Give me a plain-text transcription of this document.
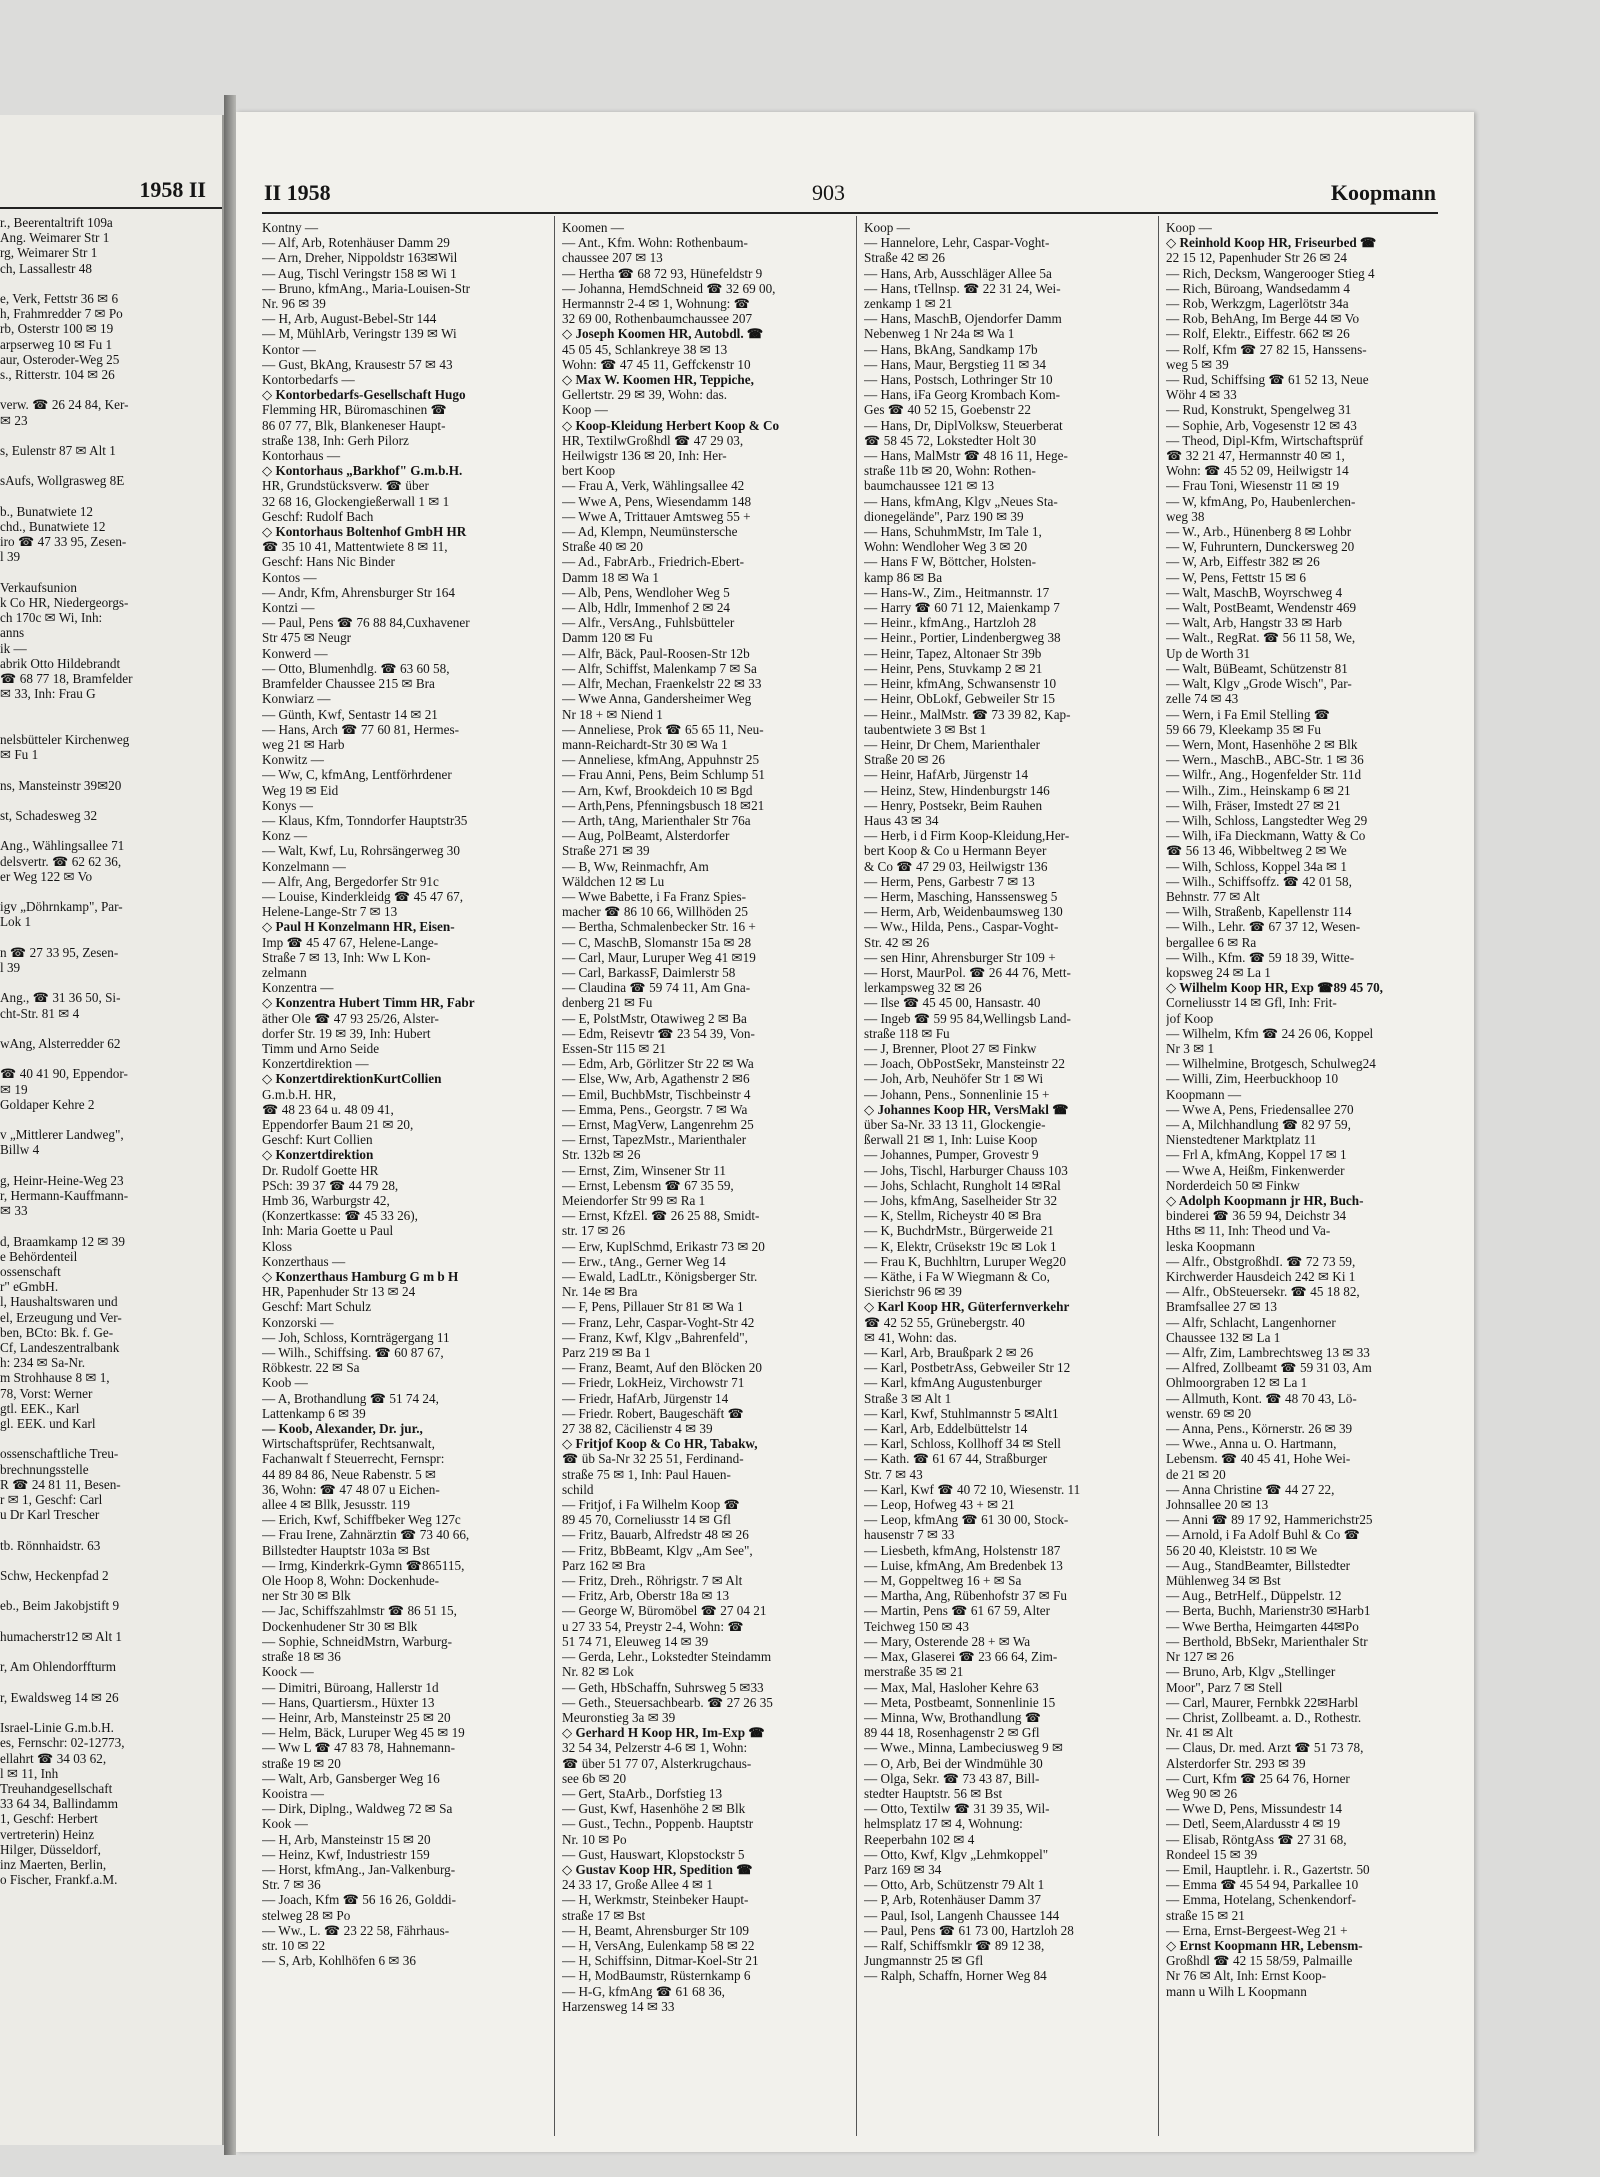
1958 II
r., Beerentaltrift 109a
Ang. Weimarer Str 1
rg, Weimarer Str 1
ch, Lassallestr 48

e, Verk, Fettstr 36 ✉ 6
h, Frahmredder 7 ✉ Po
rb, Osterstr 100 ✉ 19
arpserweg 10 ✉ Fu 1
aur, Osteroder-Weg 25
s., Ritterstr. 104 ✉ 26

verw. ☎ 26 24 84, Ker-
✉ 23

s, Eulenstr 87 ✉ Alt 1

sAufs, Wollgrasweg 8E

b., Bunatwiete 12
chd., Bunatwiete 12
iro ☎ 47 33 95, Zesen-
l 39

Verkaufsunion
k Co HR, Niedergeorgs-
ch 170c ✉ Wi, Inh:
anns
ik —
abrik Otto Hildebrandt
☎ 68 77 18, Bramfelder
✉ 33, Inh: Frau G

nelsbütteler Kirchenweg
✉ Fu 1

ns, Mansteinstr 39✉20

st, Schadesweg 32

Ang., Wählingsallee 71
delsvertr. ☎ 62 62 36,
er Weg 122 ✉ Vo

igv „Döhrnkamp", Par-
Lok 1

n ☎ 27 33 95, Zesen-
l 39

Ang., ☎ 31 36 50, Si-
cht-Str. 81 ✉ 4

wAng, Alsterredder 62

☎ 40 41 90, Eppendor-
✉ 19
Goldaper Kehre 2

v „Mittlerer Landweg",
Billw 4

g, Heinr-Heine-Weg 23
r, Hermann-Kauffmann-
✉ 33

d, Braamkamp 12 ✉ 39
e Behördenteil
ossenschaft
r" eGmbH.
l, Haushaltswaren und
el, Erzeugung und Ver-
ben, BCto: Bk. f. Ge-
Cf, Landeszentralbank
h: 234 ✉ Sa-Nr.
m Strohhause 8 ✉ 1,
78, Vorst: Werner
gtl. EEK., Karl
gl. EEK. und Karl

ossenschaftliche Treu-
brechnungsstelle
R ☎ 24 81 11, Besen-
r ✉ 1, Geschf: Carl
u Dr Karl Trescher

tb. Rönnhaidstr. 63

Schw, Heckenpfad 2

eb., Beim Jakobjstift 9

humacherstr12 ✉ Alt 1

r, Am Ohlendorffturm

r, Ewaldsweg 14 ✉ 26

Israel-Linie G.m.b.H.
es, Fernschr: 02-12773,
ellahrt ☎ 34 03 62,
l ✉ 11, Inh
Treuhandgesellschaft
33 64 34, Ballindamm
1, Geschf: Herbert
vertreterin) Heinz
Hilger, Düsseldorf,
inz Maerten, Berlin,
o Fischer, Frankf.a.M.
II 1958	903	Koopmann
Kontny —
— Alf, Arb, Rotenhäuser Damm 29
— Arn, Dreher, Nippoldstr 163✉Wil
— Aug, Tischl Veringstr 158 ✉ Wi 1
— Bruno, kfmAng., Maria-Louisen-Str
Nr. 96 ✉ 39
— H, Arb, August-Bebel-Str 144
— M, MühlArb, Veringstr 139 ✉ Wi
Kontor —
— Gust, BkAng, Krausestr 57 ✉ 43
Kontorbedarfs —
◇ Kontorbedarfs-Gesellschaft Hugo
Flemming HR, Büromaschinen ☎
86 07 77, Blk, Blankeneser Haupt-
straße 138, Inh: Gerh Pilorz
Kontorhaus —
◇ Kontorhaus „Barkhof" G.m.b.H.
HR, Grundstücksverw. ☎ über
32 68 16, Glockengießerwall 1 ✉ 1
Geschf: Rudolf Bach
◇ Kontorhaus Boltenhof GmbH HR
☎ 35 10 41, Mattentwiete 8 ✉ 11,
Geschf: Hans Nic Binder
Kontos —
— Andr, Kfm, Ahrensburger Str 164
Kontzi —
— Paul, Pens ☎ 76 88 84,Cuxhavener
Str 475 ✉ Neugr
Konwerd —
— Otto, Blumenhdlg. ☎ 63 60 58,
Bramfelder Chaussee 215 ✉ Bra
Konwiarz —
— Günth, Kwf, Sentastr 14 ✉ 21
— Hans, Arch ☎ 77 60 81, Hermes-
weg 21 ✉ Harb
Konwitz —
— Ww, C, kfmAng, Lentförhrdener
Weg 19 ✉ Eid
Konys —
— Klaus, Kfm, Tonndorfer Hauptstr35
Konz —
— Walt, Kwf, Lu, Rohrsängerweg 30
Konzelmann —
— Alfr, Ang, Bergedorfer Str 91c
— Louise, Kinderkleidg ☎ 45 47 67,
Helene-Lange-Str 7 ✉ 13
◇ Paul H Konzelmann HR, Eisen-
Imp ☎ 45 47 67, Helene-Lange-
Straße 7 ✉ 13, Inh: Ww L Kon-
zelmann
Konzentra —
◇ Konzentra Hubert Timm HR, Fabr
äther Ole ☎ 47 93 25/26, Alster-
dorfer Str. 19 ✉ 39, Inh: Hubert
Timm und Arno Seide
Konzertdirektion —
◇ KonzertdirektionKurtCollien
G.m.b.H. HR,
☎ 48 23 64 u. 48 09 41,
Eppendorfer Baum 21 ✉ 20,
Geschf: Kurt Collien
◇ Konzertdirektion
Dr. Rudolf Goette HR
PSch: 39 37 ☎ 44 79 28,
Hmb 36, Warburgstr 42,
(Konzertkasse: ☎ 45 33 26),
Inh: Maria Goette u Paul
Kloss
Konzerthaus —
◇ Konzerthaus Hamburg G m b H
HR, Papenhuder Str 13 ✉ 24
Geschf: Mart Schulz
Konzorski —
— Joh, Schloss, Kornträgergang 11
— Wilh., Schiffsing. ☎ 60 87 67,
Röbkestr. 22 ✉ Sa
Koob —
— A, Brothandlung ☎ 51 74 24,
Lattenkamp 6 ✉ 39
— Koob, Alexander, Dr. jur.,
Wirtschaftsprüfer, Rechtsanwalt,
Fachanwalt f Steuerrecht, Fernspr:
44 89 84 86, Neue Rabenstr. 5 ✉
36, Wohn: ☎ 47 48 07 u Eichen-
allee 4 ✉ Bllk, Jesusstr. 119
— Erich, Kwf, Schiffbeker Weg 127c
— Frau Irene, Zahnärztin ☎ 73 40 66,
Billstedter Hauptstr 103a ✉ Bst
— Irmg, Kinderkrk-Gymn ☎865115,
Ole Hoop 8, Wohn: Dockenhude-
ner Str 30 ✉ Blk
— Jac, Schiffszahlmstr ☎ 86 51 15,
Dockenhudener Str 30 ✉ Blk
— Sophie, SchneidMstrn, Warburg-
straße 18 ✉ 36
Koock —
— Dimitri, Büroang, Hallerstr 1d
— Hans, Quartiersm., Hüxter 13
— Heinr, Arb, Mansteinstr 25 ✉ 20
— Helm, Bäck, Luruper Weg 45 ✉ 19
— Ww L ☎ 47 83 78, Hahnemann-
straße 19 ✉ 20
— Walt, Arb, Gansberger Weg 16
Kooistra —
— Dirk, Diplng., Waldweg 72 ✉ Sa
Kook —
— H, Arb, Mansteinstr 15 ✉ 20
— Heinz, Kwf, Industriestr 159
— Horst, kfmAng., Jan-Valkenburg-
Str. 7 ✉ 36
— Joach, Kfm ☎ 56 16 26, Golddi-
stelweg 28 ✉ Po
— Ww., L. ☎ 23 22 58, Fährhaus-
str. 10 ✉ 22
— S, Arb, Kohlhöfen 6 ✉ 36
Koomen —
— Ant., Kfm. Wohn: Rothenbaum-
chaussee 207 ✉ 13
— Hertha ☎ 68 72 93, Hünefeldstr 9
— Johanna, HemdSchneid ☎ 32 69 00,
Hermannstr 2-4 ✉ 1, Wohnung: ☎
32 69 00, Rothenbaumchaussee 207
◇ Joseph Koomen HR, Autobdl. ☎
45 05 45, Schlankreye 38 ✉ 13
Wohn: ☎ 47 45 11, Geffckenstr 10
◇ Max W. Koomen HR, Teppiche,
Gellertstr. 29 ✉ 39, Wohn: das.
Koop —
◇ Koop-Kleidung Herbert Koop & Co
HR, TextilwGroßhdl ☎ 47 29 03,
Heilwigstr 136 ✉ 20, Inh: Her-
bert Koop
— Frau A, Verk, Wählingsallee 42
— Wwe A, Pens, Wiesendamm 148
— Wwe A, Trittauer Amtsweg 55 +
— Ad, Klempn, Neumünstersche
Straße 40 ✉ 20
— Ad., FabrArb., Friedrich-Ebert-
Damm 18 ✉ Wa 1
— Alb, Pens, Wendloher Weg 5
— Alb, Hdlr, Immenhof 2 ✉ 24
— Alfr., VersAng., Fuhlsbütteler
Damm 120 ✉ Fu
— Alfr, Bäck, Paul-Roosen-Str 12b
— Alfr, Schiffst, Malenkamp 7 ✉ Sa
— Alfr, Mechan, Fraenkelstr 22 ✉ 33
— Wwe Anna, Gandersheimer Weg
Nr 18 + ✉ Niend 1
— Anneliese, Prok ☎ 65 65 11, Neu-
mann-Reichardt-Str 30 ✉ Wa 1
— Anneliese, kfmAng, Appuhnstr 25
— Frau Anni, Pens, Beim Schlump 51
— Arn, Kwf, Brookdeich 10 ✉ Bgd
— Arth,Pens, Pfenningsbusch 18 ✉21
— Arth, tAng, Marienthaler Str 76a
— Aug, PolBeamt, Alsterdorfer
Straße 271 ✉ 39
— B, Ww, Reinmachfr, Am
Wäldchen 12 ✉ Lu
— Wwe Babette, i Fa Franz Spies-
macher ☎ 86 10 66, Willhöden 25
— Bertha, Schmalenbecker Str. 16 +
— C, MaschB, Slomanstr 15a ✉ 28
— Carl, Maur, Luruper Weg 41 ✉19
— Carl, BarkassF, Daimlerstr 58
— Claudina ☎ 59 74 11, Am Gna-
denberg 21 ✉ Fu
— E, PolstMstr, Otawiweg 2 ✉ Ba
— Edm, Reisevtr ☎ 23 54 39, Von-
Essen-Str 115 ✉ 21
— Edm, Arb, Görlitzer Str 22 ✉ Wa
— Else, Ww, Arb, Agathenstr 2 ✉6
— Emil, BuchbMstr, Tischbeinstr 4
— Emma, Pens., Georgstr. 7 ✉ Wa
— Ernst, MagVerw, Langenrehm 25
— Ernst, TapezMstr., Marienthaler
Str. 132b ✉ 26
— Ernst, Zim, Winsener Str 11
— Ernst, Lebensm ☎ 67 35 59,
Meiendorfer Str 99 ✉ Ra 1
— Ernst, KfzEl. ☎ 26 25 88, Smidt-
str. 17 ✉ 26
— Erw, KuplSchmd, Erikastr 73 ✉ 20
— Erw., tAng., Gerner Weg 14
— Ewald, LadLtr., Königsberger Str.
Nr. 14e ✉ Bra
— F, Pens, Pillauer Str 81 ✉ Wa 1
— Franz, Lehr, Caspar-Voght-Str 42
— Franz, Kwf, Klgv „Bahrenfeld",
Parz 219 ✉ Ba 1
— Franz, Beamt, Auf den Blöcken 20
— Friedr, LokHeiz, Virchowstr 71
— Friedr, HafArb, Jürgenstr 14
— Friedr. Robert, Baugeschäft ☎
27 38 82, Cäcilienstr 4 ✉ 39
◇ Fritjof Koop & Co HR, Tabakw,
☎ üb Sa-Nr 32 25 51, Ferdinand-
straße 75 ✉ 1, Inh: Paul Hauen-
schild
— Fritjof, i Fa Wilhelm Koop ☎
89 45 70, Corneliusstr 14 ✉ Gfl
— Fritz, Bauarb, Alfredstr 48 ✉ 26
— Fritz, BbBeamt, Klgv „Am See",
Parz 162 ✉ Bra
— Fritz, Dreh., Röhrigstr. 7 ✉ Alt
— Fritz, Arb, Oberstr 18a ✉ 13
— George W, Büromöbel ☎ 27 04 21
u 27 33 54, Preystr 2-4, Wohn: ☎
51 74 71, Eleuweg 14 ✉ 39
— Gerda, Lehr., Lokstedter Steindamm
Nr. 82 ✉ Lok
— Geth, HbSchaffn, Suhrsweg 5 ✉33
— Geth., Steuersachbearb. ☎ 27 26 35
Meuronstieg 3a ✉ 39
◇ Gerhard H Koop HR, Im-Exp ☎
32 54 34, Pelzerstr 4-6 ✉ 1, Wohn:
☎ über 51 77 07, Alsterkrugchaus-
see 6b ✉ 20
— Gert, StaArb., Dorfstieg 13
— Gust, Kwf, Hasenhöhe 2 ✉ Blk
— Gust., Techn., Poppenb. Hauptstr
Nr. 10 ✉ Po
— Gust, Hauswart, Klopstockstr 5
◇ Gustav Koop HR, Spedition ☎
24 33 17, Große Allee 4 ✉ 1
— H, Werkmstr, Steinbeker Haupt-
straße 17 ✉ Bst
— H, Beamt, Ahrensburger Str 109
— H, VersAng, Eulenkamp 58 ✉ 22
— H, Schiffsinn, Ditmar-Koel-Str 21
— H, ModBaumstr, Rüsternkamp 6
— H-G, kfmAng ☎ 61 68 36,
Harzensweg 14 ✉ 33
Koop —
— Hannelore, Lehr, Caspar-Voght-
Straße 42 ✉ 26
— Hans, Arb, Ausschläger Allee 5a
— Hans, tTellnsp. ☎ 22 31 24, Wei-
zenkamp 1 ✉ 21
— Hans, MaschB, Ojendorfer Damm
Nebenweg 1 Nr 24a ✉ Wa 1
— Hans, BkAng, Sandkamp 17b
— Hans, Maur, Bergstieg 11 ✉ 34
— Hans, Postsch, Lothringer Str 10
— Hans, iFa Georg Krombach Kom-
Ges ☎ 40 52 15, Goebenstr 22
— Hans, Dr, DiplVolksw, Steuerberat
☎ 58 45 72, Lokstedter Holt 30
— Hans, MalMstr ☎ 48 16 11, Hege-
straße 11b ✉ 20, Wohn: Rothen-
baumchaussee 121 ✉ 13
— Hans, kfmAng, Klgv „Neues Sta-
dionegelände", Parz 190 ✉ 39
— Hans, SchuhmMstr, Im Tale 1,
Wohn: Wendloher Weg 3 ✉ 20
— Hans F W, Böttcher, Holsten-
kamp 86 ✉ Ba
— Hans-W., Zim., Heitmannstr. 17
— Harry ☎ 60 71 12, Maienkamp 7
— Heinr., kfmAng., Hartzloh 28
— Heinr., Portier, Lindenbergweg 38
— Heinr, Tapez, Altonaer Str 39b
— Heinr, Pens, Stuvkamp 2 ✉ 21
— Heinr, kfmAng, Schwansenstr 10
— Heinr, ObLokf, Gebweiler Str 15
— Heinr., MalMstr. ☎ 73 39 82, Kap-
taubentwiete 3 ✉ Bst 1
— Heinr, Dr Chem, Marienthaler
Straße 20 ✉ 26
— Heinr, HafArb, Jürgenstr 14
— Heinz, Stew, Hindenburgstr 146
— Henry, Postsekr, Beim Rauhen
Haus 43 ✉ 34
— Herb, i d Firm Koop-Kleidung,Her-
bert Koop & Co u Hermann Beyer
& Co ☎ 47 29 03, Heilwigstr 136
— Herm, Pens, Garbestr 7 ✉ 13
— Herm, Masching, Hanssensweg 5
— Herm, Arb, Weidenbaumsweg 130
— Ww., Hilda, Pens., Caspar-Voght-
Str. 42 ✉ 26
— sen Hinr, Ahrensburger Str 109 +
— Horst, MaurPol. ☎ 26 44 76, Mett-
lerkampsweg 32 ✉ 26
— Ilse ☎ 45 45 00, Hansastr. 40
— Ingeb ☎ 59 95 84,Wellingsb Land-
straße 118 ✉ Fu
— J, Brenner, Ploot 27 ✉ Finkw
— Joach, ObPostSekr, Mansteinstr 22
— Joh, Arb, Neuhöfer Str 1 ✉ Wi
— Johann, Pens., Sonnenlinie 15 +
◇ Johannes Koop HR, VersMakl ☎
über Sa-Nr. 33 13 11, Glockengie-
ßerwall 21 ✉ 1, Inh: Luise Koop
— Johannes, Pumper, Grovestr 9
— Johs, Tischl, Harburger Chauss 103
— Johs, Schlacht, Rungholt 14 ✉Ral
— Johs, kfmAng, Saselheider Str 32
— K, Stellm, Richeystr 40 ✉ Bra
— K, BuchdrMstr., Bürgerweide 21
— K, Elektr, Crüsekstr 19c ✉ Lok 1
— Frau K, Buchhltrn, Luruper Weg20
— Käthe, i Fa W Wiegmann & Co,
Sierichstr 96 ✉ 39
◇ Karl Koop HR, Güterfernverkehr
☎ 42 52 55, Grünebergstr. 40
✉ 41, Wohn: das.
— Karl, Arb, Braußpark 2 ✉ 26
— Karl, PostbetrAss, Gebweiler Str 12
— Karl, kfmAng Augustenburger
Straße 3 ✉ Alt 1
— Karl, Kwf, Stuhlmannstr 5 ✉Alt1
— Karl, Arb, Eddelbüttelstr 14
— Karl, Schloss, Kollhoff 34 ✉ Stell
— Kath. ☎ 61 67 44, Straßburger
Str. 7 ✉ 43
— Karl, Kwf ☎ 40 72 10, Wiesenstr. 11
— Leop, Hofweg 43 + ✉ 21
— Leop, kfmAng ☎ 61 30 00, Stock-
hausenstr 7 ✉ 33
— Liesbeth, kfmAng, Holstenstr 187
— Luise, kfmAng, Am Bredenbek 13
— M, Goppeltweg 16 + ✉ Sa
— Martha, Ang, Rübenhofstr 37 ✉ Fu
— Martin, Pens ☎ 61 67 59, Alter
Teichweg 150 ✉ 43
— Mary, Osterende 28 + ✉ Wa
— Max, Glaserei ☎ 23 66 64, Zim-
merstraße 35 ✉ 21
— Max, Mal, Hasloher Kehre 63
— Meta, Postbeamt, Sonnenlinie 15
— Minna, Ww, Brothandlung ☎
89 44 18, Rosenhagenstr 2 ✉ Gfl
— Wwe., Minna, Lambeciusweg 9 ✉
— O, Arb, Bei der Windmühle 30
— Olga, Sekr. ☎ 73 43 87, Bill-
stedter Hauptstr. 56 ✉ Bst
— Otto, Textilw ☎ 31 39 35, Wil-
helmsplatz 17 ✉ 4, Wohnung:
Reeperbahn 102 ✉ 4
— Otto, Kwf, Klgv „Lehmkoppel"
Parz 169 ✉ 34
— Otto, Arb, Schützenstr 79 Alt 1
— P, Arb, Rotenhäuser Damm 37
— Paul, Isol, Langenh Chaussee 144
— Paul, Pens ☎ 61 73 00, Hartzloh 28
— Ralf, Schiffsmklr ☎ 89 12 38,
Jungmannstr 25 ✉ Gfl
— Ralph, Schaffn, Horner Weg 84
Koop —
◇ Reinhold Koop HR, Friseurbed ☎
22 15 12, Papenhuder Str 26 ✉ 24
— Rich, Decksm, Wangerooger Stieg 4
— Rich, Büroang, Wandsedamm 4
— Rob, Werkzgm, Lagerlötstr 34a
— Rob, BehAng, Im Berge 44 ✉ Vo
— Rolf, Elektr., Eiffestr. 662 ✉ 26
— Rolf, Kfm ☎ 27 82 15, Hanssens-
weg 5 ✉ 39
— Rud, Schiffsing ☎ 61 52 13, Neue
Wöhr 4 ✉ 33
— Rud, Konstrukt, Spengelweg 31
— Sophie, Arb, Vogesenstr 12 ✉ 43
— Theod, Dipl-Kfm, Wirtschaftsprüf
☎ 32 21 47, Hermannstr 40 ✉ 1,
Wohn: ☎ 45 52 09, Heilwigstr 14
— Frau Toni, Wiesenstr 11 ✉ 19
— W, kfmAng, Po, Haubenlerchen-
weg 38
— W., Arb., Hünenberg 8 ✉ Lohbr
— W, Fuhruntern, Dunckersweg 20
— W, Arb, Eiffestr 382 ✉ 26
— W, Pens, Fettstr 15 ✉ 6
— Walt, MaschB, Woyrschweg 4
— Walt, PostBeamt, Wendenstr 469
— Walt, Arb, Hangstr 33 ✉ Harb
— Walt., RegRat. ☎ 56 11 58, We,
Up de Worth 31
— Walt, BüBeamt, Schützenstr 81
— Walt, Klgv „Grode Wisch", Par-
zelle 74 ✉ 43
— Wern, i Fa Emil Stelling ☎
59 66 79, Kleekamp 35 ✉ Fu
— Wern, Mont, Hasenhöhe 2 ✉ Blk
— Wern., MaschB., ABC-Str. 1 ✉ 36
— Wilfr., Ang., Hogenfelder Str. 11d
— Wilh., Zim., Heinskamp 6 ✉ 21
— Wilh, Fräser, Imstedt 27 ✉ 21
— Wilh, Schloss, Langstedter Weg 29
— Wilh, iFa Dieckmann, Watty & Co
☎ 56 13 46, Wibbeltweg 2 ✉ We
— Wilh, Schloss, Koppel 34a ✉ 1
— Wilh., Schiffsoffz. ☎ 42 01 58,
Behnstr. 77 ✉ Alt
— Wilh, Straßenb, Kapellenstr 114
— Wilh., Lehr. ☎ 67 37 12, Wesen-
bergallee 6 ✉ Ra
— Wilh., Kfm. ☎ 59 18 39, Witte-
kopsweg 24 ✉ La 1
◇ Wilhelm Koop HR, Exp ☎89 45 70,
Corneliusstr 14 ✉ Gfl, Inh: Frit-
jof Koop
— Wilhelm, Kfm ☎ 24 26 06, Koppel
Nr 3 ✉ 1
— Wilhelmine, Brotgesch, Schulweg24
— Willi, Zim, Heerbuckhoop 10
Koopmann —
— Wwe A, Pens, Friedensallee 270
— A, Milchhandlung ☎ 82 97 59,
Nienstedtener Marktplatz 11
— Frl A, kfmAng, Koppel 17 ✉ 1
— Wwe A, Heißm, Finkenwerder
Norderdeich 50 ✉ Finkw
◇ Adolph Koopmann jr HR, Buch-
binderei ☎ 36 59 94, Deichstr 34
Hths ✉ 11, Inh: Theod und Va-
leska Koopmann
— Alfr., ObstgroßhdI. ☎ 72 73 59,
Kirchwerder Hausdeich 242 ✉ Ki 1
— Alfr., ObSteuersekr. ☎ 45 18 82,
Bramfsallee 27 ✉ 13
— Alfr, Schlacht, Langenhorner
Chaussee 132 ✉ La 1
— Alfr, Zim, Lambrechtsweg 13 ✉ 33
— Alfred, Zollbeamt ☎ 59 31 03, Am
Ohlmoorgraben 12 ✉ La 1
— Allmuth, Kont. ☎ 48 70 43, Lö-
wenstr. 69 ✉ 20
— Anna, Pens., Körnerstr. 26 ✉ 39
— Wwe., Anna u. O. Hartmann,
Lebensm. ☎ 40 45 41, Hohe Wei-
de 21 ✉ 20
— Anna Christine ☎ 44 27 22,
Johnsallee 20 ✉ 13
— Anni ☎ 89 17 92, Hammerichstr25
— Arnold, i Fa Adolf Buhl & Co ☎
56 20 40, Kleiststr. 10 ✉ We
— Aug., StandBeamter, Billstedter
Mühlenweg 34 ✉ Bst
— Aug., BetrHelf., Düppelstr. 12
— Berta, Buchh, Marienstr30 ✉Harb1
— Wwe Bertha, Heimgarten 44✉Po
— Berthold, BbSekr, Marienthaler Str
Nr 127 ✉ 26
— Bruno, Arb, Klgv „Stellinger
Moor", Parz 7 ✉ Stell
— Carl, Maurer, Fernbkk 22✉Harbl
— Christ, Zollbeamt. a. D., Rothestr.
Nr. 41 ✉ Alt
— Claus, Dr. med. Arzt ☎ 51 73 78,
Alsterdorfer Str. 293 ✉ 39
— Curt, Kfm ☎ 25 64 76, Horner
Weg 90 ✉ 26
— Wwe D, Pens, Missundestr 14
— Detl, Seem,Alardusstr 4 ✉ 19
— Elisab, RöntgAss ☎ 27 31 68,
Rondeel 15 ✉ 39
— Emil, Hauptlehr. i. R., Gazertstr. 50
— Emma ☎ 45 54 94, Parkallee 10
— Emma, Hotelang, Schenkendorf-
straße 15 ✉ 21
— Erna, Ernst-Bergeest-Weg 21 +
◇ Ernst Koopmann HR, Lebensm-
Großhdl ☎ 42 15 58/59, Palmaille
Nr 76 ✉ Alt, Inh: Ernst Koop-
mann u Wilh L Koopmann
